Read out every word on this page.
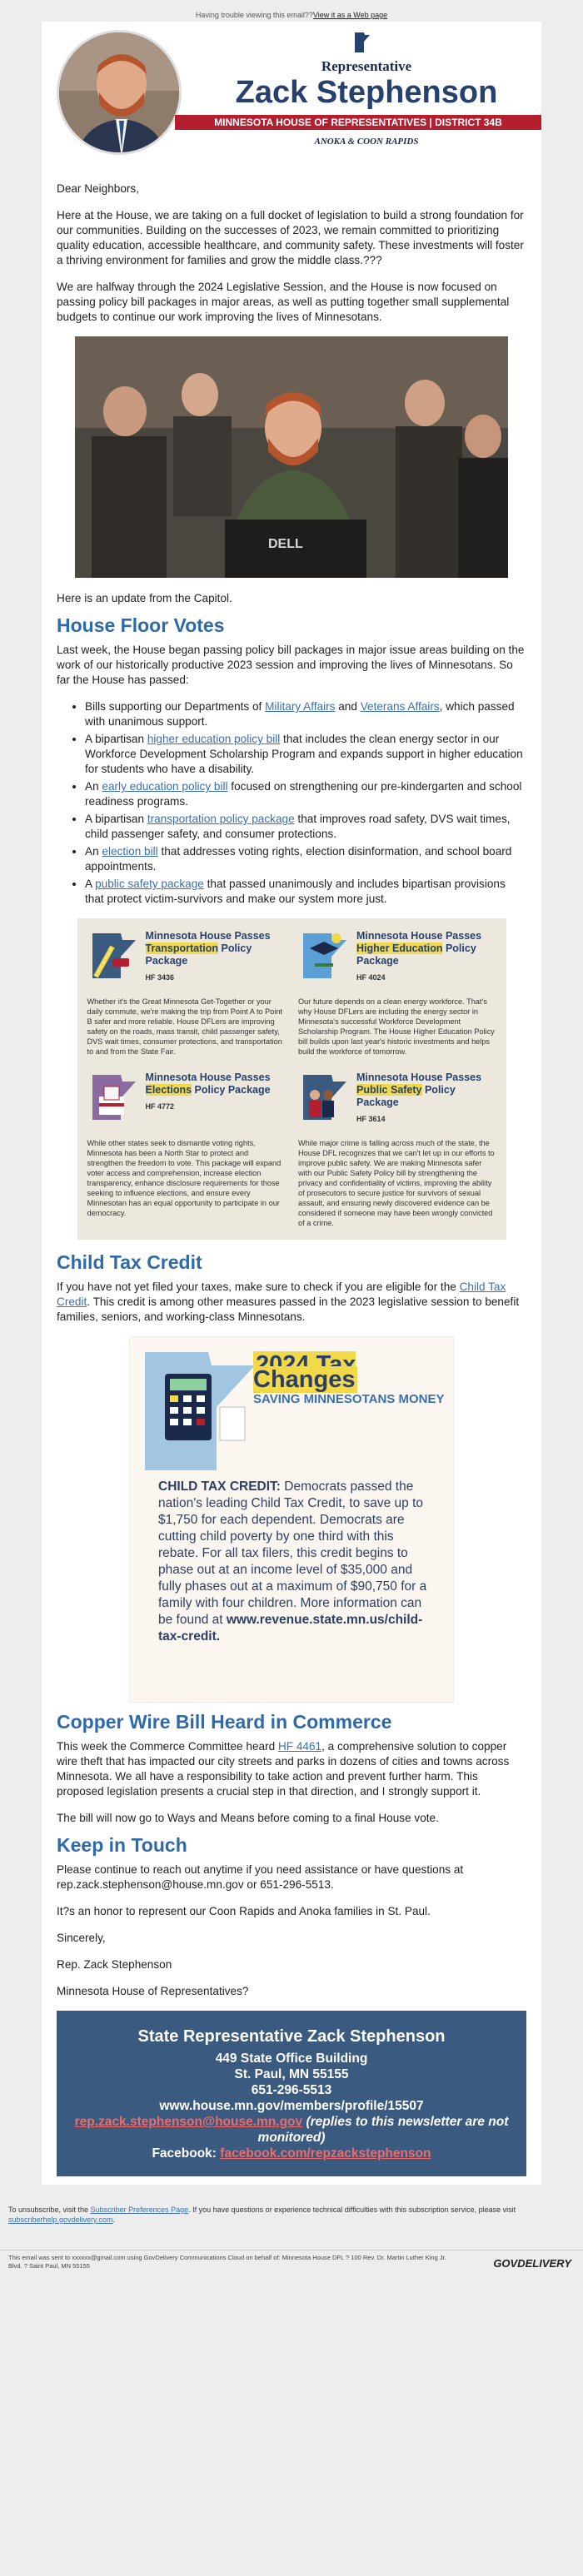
Having trouble viewing this email??View it as a Web page
Representative
Zack Stephenson
MINNESOTA HOUSE OF REPRESENTATIVES | DISTRICT 34B
ANOKA & COON RAPIDS

Dear Neighbors,

Here at the House, we are taking on a full docket of legislation to build a strong foundation for our communities. Building on the successes of 2023, we remain committed to prioritizing quality education, accessible healthcare, and community safety. These investments will foster a thriving environment for families and grow the middle class.???

We are halfway through the 2024 Legislative Session, and the House is now focused on passing policy bill packages in major areas, as well as putting together small supplemental budgets to continue our work improving the lives of Minnesotans.

DELL

Here is an update from the Capitol.

House Floor Votes

Last week, the House began passing policy bill packages in major issue areas building on the work of our historically productive 2023 session and improving the lives of Minnesotans. So far the House has passed:

• Bills supporting our Departments of Military Affairs and Veterans Affairs, which passed with unanimous support.
• A bipartisan higher education policy bill that includes the clean energy sector in our Workforce Development Scholarship Program and expands support in higher education for students who have a disability.
• An early education policy bill focused on strengthening our pre-kindergarten and school readiness programs.
• A bipartisan transportation policy package that improves road safety, DVS wait times, child passenger safety, and consumer protections.
• An election bill that addresses voting rights, election disinformation, and school board appointments.
• A public safety package that passed unanimously and includes bipartisan provisions that protect victim-survivors and make our system more just.
Minnesota House Passes Transportation Policy Package
HF 3436
Whether it's the Great Minnesota Get-Together or your daily commute, we're making the trip from Point A to Point B safer and more reliable. House DFLers are improving safety on the roads, mass transit, child passenger safety, DVS wait times, consumer protections, and transportation to and from the State Fair.
Minnesota House Passes Higher Education Policy Package
HF 4024
Our future depends on a clean energy workforce. That's why House DFLers are including the energy sector in Minnesota's successful Workforce Development Scholarship Program. The House Higher Education Policy bill builds upon last year's historic investments and helps build the workforce of tomorrow.
Minnesota House Passes Elections Policy Package
HF 4772
While other states seek to dismantle voting rights, Minnesota has been a North Star to protect and strengthen the freedom to vote. This package will expand voter access and comprehension, increase election transparency, enhance disclosure requirements for those seeking to influence elections, and ensure every Minnesotan has an equal opportunity to participate in our democracy.
Minnesota House Passes Public Safety Policy Package
HF 3614
While major crime is falling across much of the state, the House DFL recognizes that we can't let up in our efforts to improve public safety. We are making Minnesota safer with our Public Safety Policy bill by strengthening the privacy and confidentiality of victims, improving the ability of prosecutors to secure justice for survivors of sexual assault, and ensuring newly discovered evidence can be considered if someone may have been wrongly convicted of a crime.
Child Tax Credit

If you have not yet filed your taxes, make sure to check if you are eligible for the Child Tax Credit. This credit is among other measures passed in the 2023 legislative session to benefit families, seniors, and working-class Minnesotans.

2024 Tax Changes
SAVING MINNESOTANS MONEY
CHILD TAX CREDIT: Democrats passed the nation's leading Child Tax Credit, to save up to $1,750 for each dependent. Democrats are cutting child poverty by one third with this rebate. For all tax filers, this credit begins to phase out at an income level of $35,000 and fully phases out at a maximum of $90,750 for a family with four children. More information can be found at www.revenue.state.mn.us/child-tax-credit.
Copper Wire Bill Heard in Commerce

This week the Commerce Committee heard HF 4461, a comprehensive solution to copper wire theft that has impacted our city streets and parks in dozens of cities and towns across Minnesota. We all have a responsibility to take action and prevent further harm. This proposed legislation presents a crucial step in that direction, and I strongly support it.

The bill will now go to Ways and Means before coming to a final House vote.

Keep in Touch

Please continue to reach out anytime if you need assistance or have questions at rep.zack.stephenson@house.mn.gov or 651-296-5513.

It?s an honor to represent our Coon Rapids and Anoka families in St. Paul.

Sincerely,

Rep. Zack Stephenson

Minnesota House of Representatives?

State Representative Zack Stephenson
449 State Office Building
St. Paul, MN 55155
651-296-5513
www.house.mn.gov/members/profile/15507
rep.zack.stephenson@house.mn.gov (replies to this newsletter are not monitored)
Facebook: facebook.com/repzackstephenson
To unsubscribe, visit the Subscriber Preferences Page. If you have questions or experience technical difficulties with this subscription service, please visit subscriberhelp.govdelivery.com.
This email was sent to xxxxxx@gmail.com using GovDelivery Communications Cloud on behalf of: Minnesota House DFL ? 100 Rev. Dr. Martin Luther King Jr. Blvd. ? Saint Paul, MN 55155	GOVDELIVERY
